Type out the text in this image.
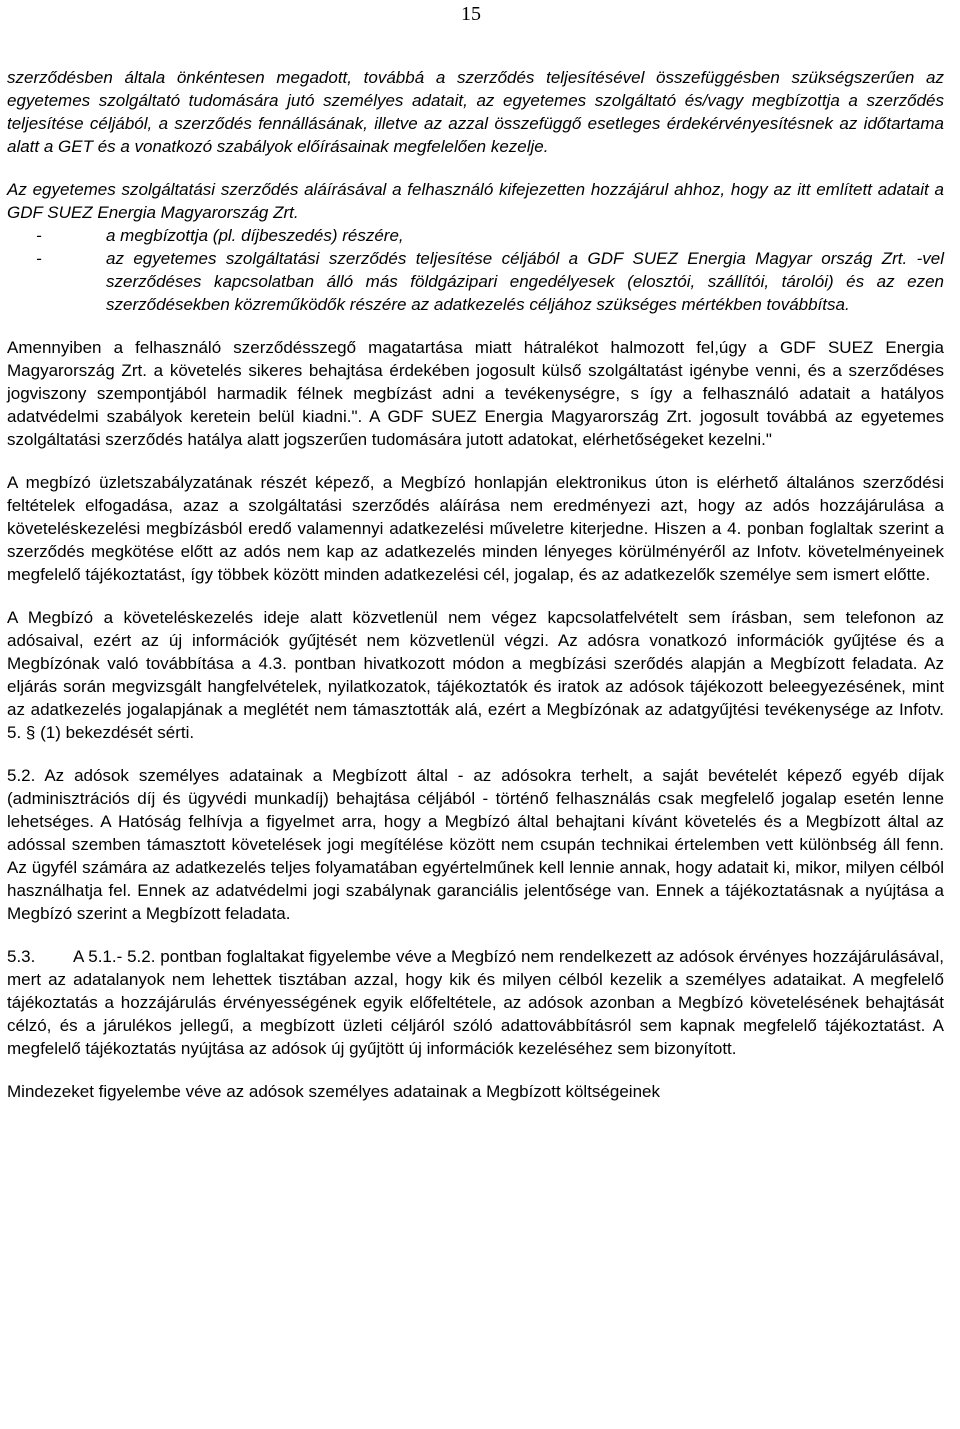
15

szerződésben általa önkéntesen megadott, továbbá a szerződés teljesítésével összefüggésben szükségszerűen az egyetemes szolgáltató tudomására jutó személyes adatait, az egyetemes szolgáltató és/vagy megbízottja a szerződés teljesítése céljából, a szerződés fennállásának, illetve az azzal összefüggő esetleges érdekérvényesítésnek az időtartama alatt a GET és a vonatkozó szabályok előírásainak megfelelően kezelje.

Az egyetemes szolgáltatási szerződés aláírásával a felhasználó kifejezetten hozzájárul ahhoz, hogy az itt említett adatait a GDF SUEZ Energia Magyarország Zrt.

-	a megbízottja (pl. díjbeszedés) részére,
-	az egyetemes szolgáltatási szerződés teljesítése céljából a GDF SUEZ Energia Magyar ország Zrt. -vel szerződéses kapcsolatban álló más földgázipari engedélyesek (elosztói, szállítói, tárolói) és az ezen szerződésekben közreműködők részére az adatkezelés céljához szükséges mértékben továbbítsa.

Amennyiben a felhasználó szerződésszegő magatartása miatt hátralékot halmozott fel,úgy a GDF SUEZ Energia Magyarország Zrt. a követelés sikeres behajtása érdekében jogosult külső szolgáltatást igénybe venni, és a szerződéses jogviszony szempontjából harmadik félnek megbízást adni a tevékenységre, s így a felhasználó adatait a hatályos adatvédelmi szabályok keretein belül kiadni.". A GDF SUEZ Energia Magyarország Zrt. jogosult továbbá az egyetemes szolgáltatási szerződés hatálya alatt jogszerűen tudomására jutott adatokat, elérhetőségeket kezelni."

A megbízó üzletszabályzatának részét képező, a Megbízó honlapján elektronikus úton is elérhető általános szerződési feltételek elfogadása, azaz a szolgáltatási szerződés aláírása nem eredményezi azt, hogy az adós hozzájárulása a követeléskezelési megbízásból eredő valamennyi adatkezelési műveletre kiterjedne. Hiszen a 4. ponban foglaltak szerint a szerződés megkötése előtt az adós nem kap az adatkezelés minden lényeges körülményéről az Infotv. követelményeinek megfelelő tájékoztatást, így többek között minden adatkezelési cél, jogalap, és az adatkezelők személye sem ismert előtte.

A Megbízó a követeléskezelés ideje alatt közvetlenül nem végez kapcsolatfelvételt sem írásban, sem telefonon az adósaival, ezért az új információk gyűjtését nem közvetlenül végzi. Az adósra vonatkozó információk gyűjtése és a Megbízónak való továbbítása a 4.3. pontban hivatkozott módon a megbízási szerődés alapján a Megbízott feladata. Az eljárás során megvizsgált hangfelvételek, nyilatkozatok, tájékoztatók és iratok az adósok tájékozott beleegyezésének, mint az adatkezelés jogalapjának a meglétét nem támasztották alá, ezért a Megbízónak az adatgyűjtési tevékenysége az Infotv. 5. § (1) bekezdését sérti.

5.2. Az adósok személyes adatainak a Megbízott által - az adósokra terhelt, a saját bevételét képező egyéb díjak (adminisztrációs díj és ügyvédi munkadíj) behajtása céljából - történő felhasználás csak megfelelő jogalap esetén lenne lehetséges. A Hatóság felhívja a figyelmet arra, hogy a Megbízó által behajtani kívánt követelés és a Megbízott által az adóssal szemben támasztott követelések jogi megítélése között nem csupán technikai értelemben vett különbség áll fenn. Az ügyfél számára az adatkezelés teljes folyamatában egyértelműnek kell lennie annak, hogy adatait ki, mikor, milyen célból használhatja fel. Ennek az adatvédelmi jogi szabálynak garanciális jelentősége van. Ennek a tájékoztatásnak a nyújtása a Megbízó szerint a Megbízott feladata.

5.3. A 5.1.- 5.2. pontban foglaltakat figyelembe véve a Megbízó nem rendelkezett az adósok érvényes hozzájárulásával, mert az adatalanyok nem lehettek tisztában azzal, hogy kik és milyen célból kezelik a személyes adataikat. A megfelelő tájékoztatás a hozzájárulás érvényességének egyik előfeltétele, az adósok azonban a Megbízó követelésének behajtását célzó, és a járulékos jellegű, a megbízott üzleti céljáról szóló adattovábbításról sem kapnak megfelelő tájékoztatást. A megfelelő tájékoztatás nyújtása az adósok új gyűjtött új információk kezeléséhez sem bizonyított.

Mindezeket figyelembe véve az adósok személyes adatainak a Megbízott költségeinek
